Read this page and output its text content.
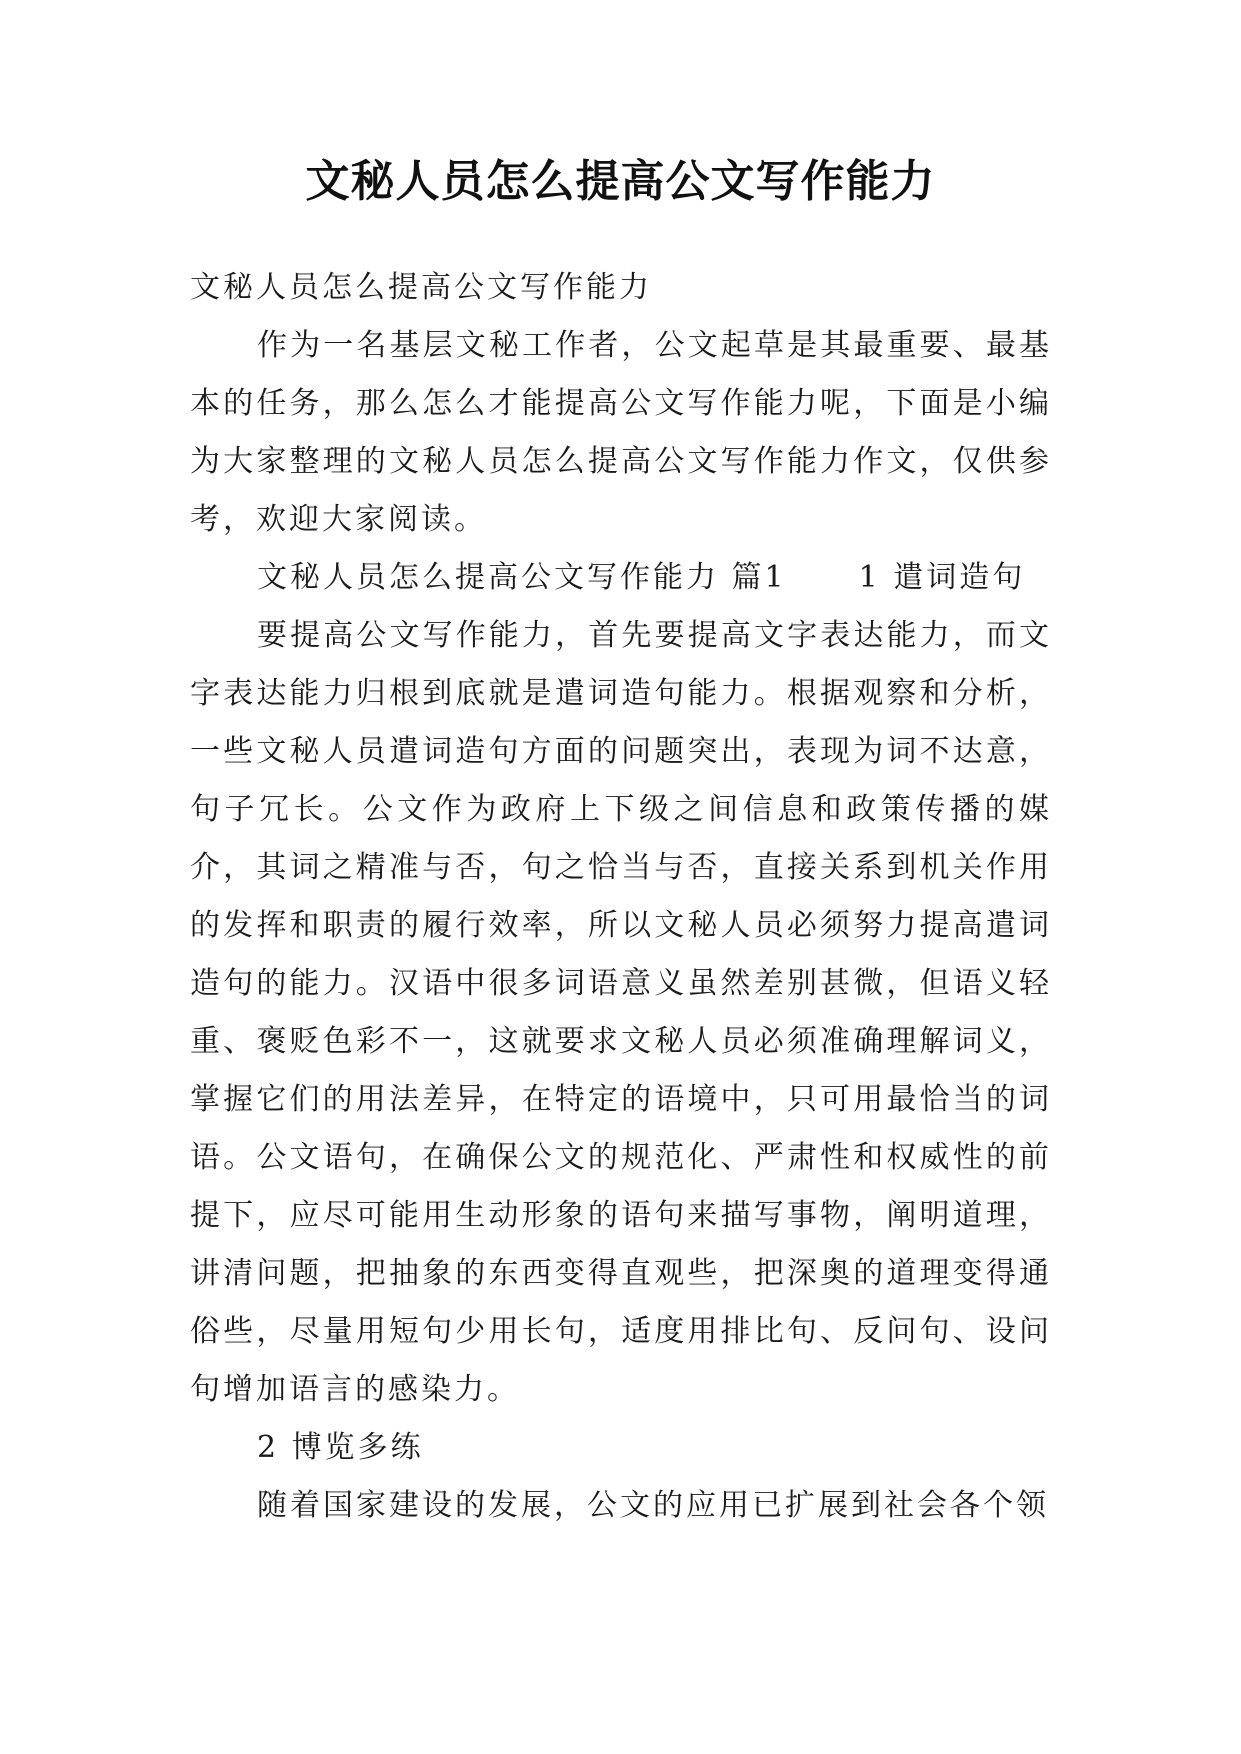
文秘人员怎么提高公文写作能力

文秘人员怎么提高公文写作能力

作为一名基层文秘工作者，公文起草是其最重要、最基本的任务，那么怎么才能提高公文写作能力呢，下面是小编为大家整理的文秘人员怎么提高公文写作能力作文，仅供参考，欢迎大家阅读。

文秘人员怎么提高公文写作能力 篇1 1 遣词造句

要提高公文写作能力，首先要提高文字表达能力，而文字表达能力归根到底就是遣词造句能力。根据观察和分析，一些文秘人员遣词造句方面的问题突出，表现为词不达意，句子冗长。公文作为政府上下级之间信息和政策传播的媒介，其词之精准与否，句之恰当与否，直接关系到机关作用的发挥和职责的履行效率，所以文秘人员必须努力提高遣词造句的能力。汉语中很多词语意义虽然差别甚微，但语义轻重、褒贬色彩不一，这就要求文秘人员必须准确理解词义，掌握它们的用法差异，在特定的语境中，只可用最恰当的词语。公文语句，在确保公文的规范化、严肃性和权威性的前提下，应尽可能用生动形象的语句来描写事物，阐明道理，讲清问题，把抽象的东西变得直观些，把深奥的道理变得通俗些，尽量用短句少用长句，适度用排比句、反问句、设问句增加语言的感染力。

2 博览多练

随着国家建设的发展，公文的应用已扩展到社会各个领
